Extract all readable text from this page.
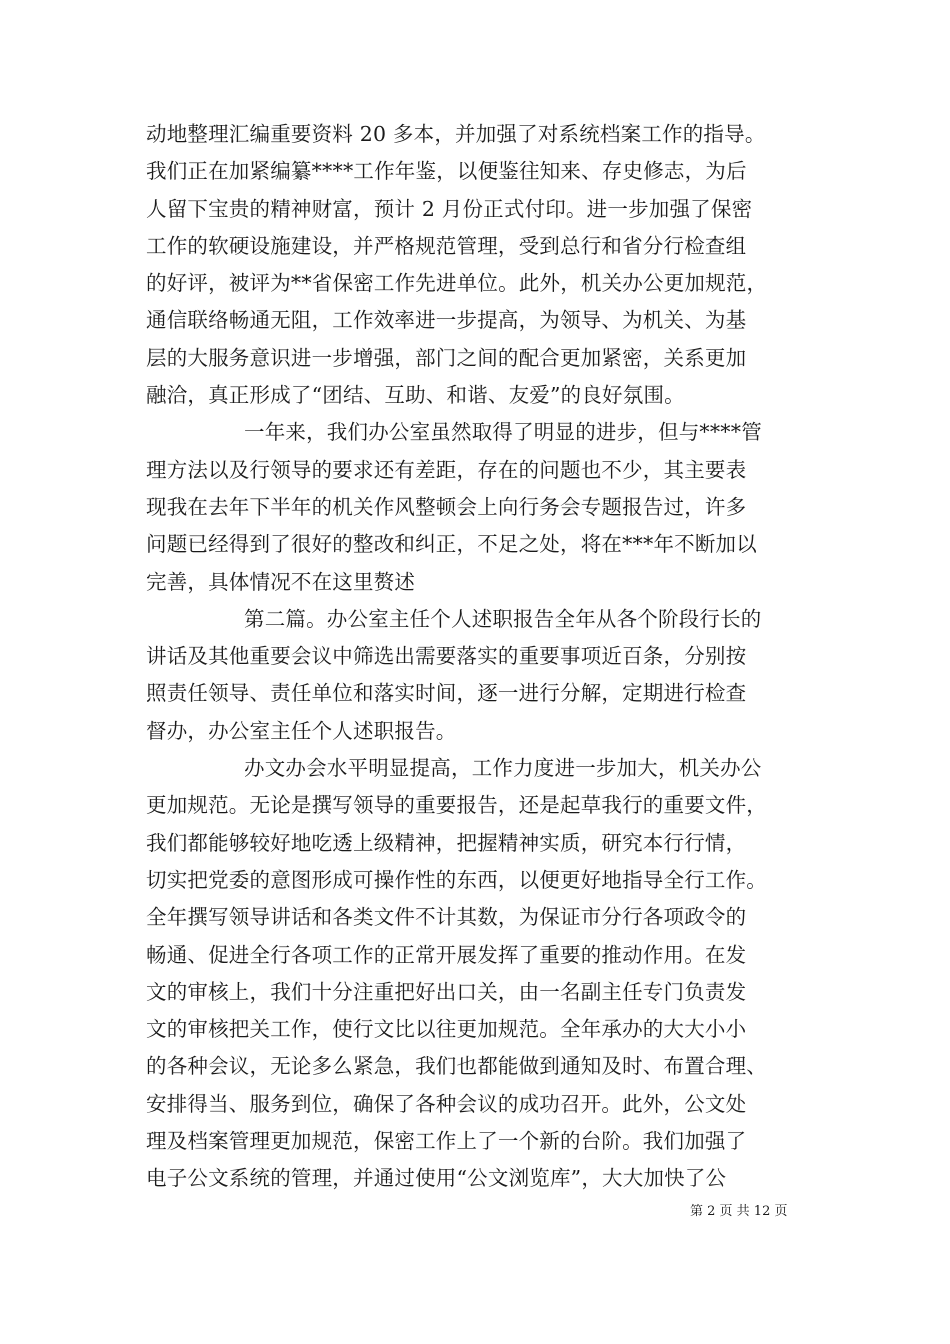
动地整理汇编重要资料 20 多本，并加强了对系统档案工作的指导。
我们正在加紧编纂****工作年鉴，以便鉴往知来、存史修志，为后
人留下宝贵的精神财富，预计 2 月份正式付印。进一步加强了保密
工作的软硬设施建设，并严格规范管理，受到总行和省分行检查组
的好评，被评为**省保密工作先进单位。此外，机关办公更加规范，
通信联络畅通无阻，工作效率进一步提高，为领导、为机关、为基
层的大服务意识进一步增强，部门之间的配合更加紧密，关系更加
融洽，真正形成了“团结、互助、和谐、友爱”的良好氛围。
一年来，我们办公室虽然取得了明显的进步，但与****管
理方法以及行领导的要求还有差距，存在的问题也不少，其主要表
现我在去年下半年的机关作风整顿会上向行务会专题报告过，许多
问题已经得到了很好的整改和纠正，不足之处，将在***年不断加以
完善，具体情况不在这里赘述
第二篇。办公室主任个人述职报告全年从各个阶段行长的
讲话及其他重要会议中筛选出需要落实的重要事项近百条，分别按
照责任领导、责任单位和落实时间，逐一进行分解，定期进行检查
督办，办公室主任个人述职报告。
办文办会水平明显提高，工作力度进一步加大，机关办公
更加规范。无论是撰写领导的重要报告，还是起草我行的重要文件，
我们都能够较好地吃透上级精神，把握精神实质，研究本行行情，
切实把党委的意图形成可操作性的东西，以便更好地指导全行工作。
全年撰写领导讲话和各类文件不计其数，为保证市分行各项政令的
畅通、促进全行各项工作的正常开展发挥了重要的推动作用。在发
文的审核上，我们十分注重把好出口关，由一名副主任专门负责发
文的审核把关工作，使行文比以往更加规范。全年承办的大大小小
的各种会议，无论多么紧急，我们也都能做到通知及时、布置合理、
安排得当、服务到位，确保了各种会议的成功召开。此外，公文处
理及档案管理更加规范，保密工作上了一个新的台阶。我们加强了
电子公文系统的管理，并通过使用“公文浏览库”，大大加快了公
第 2 页 共 12 页
